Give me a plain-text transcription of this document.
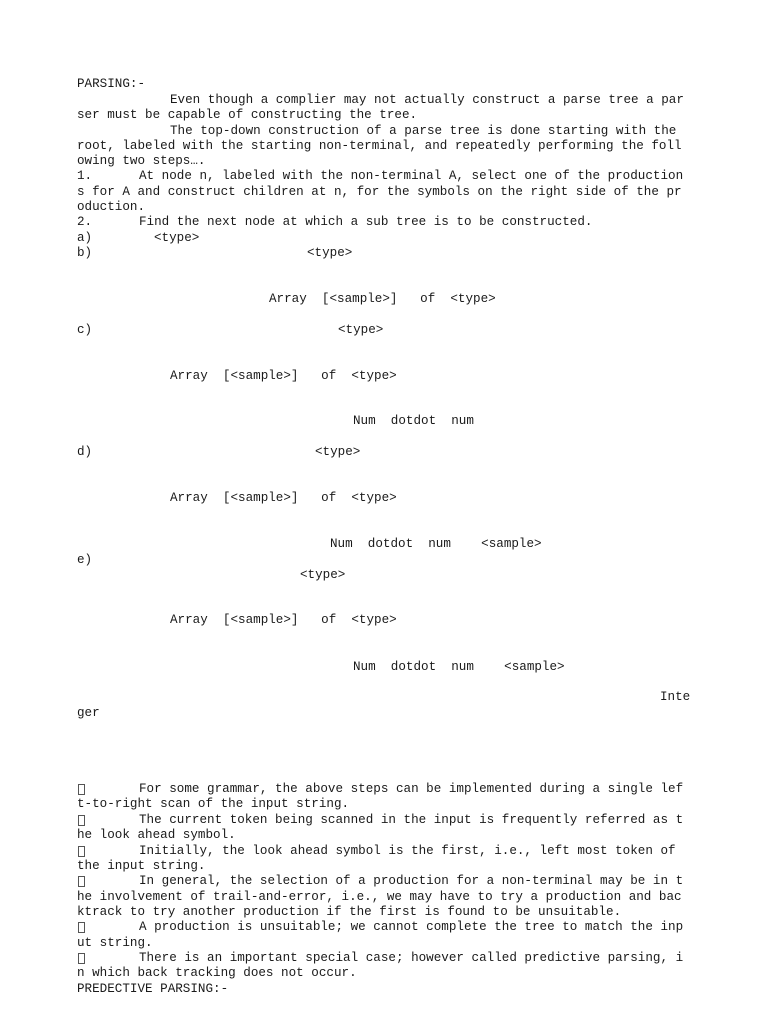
PARSING:-
Even though a complier may not actually construct a parse tree a par
ser must be capable of constructing the tree.
The top-down construction of a parse tree is done starting with the
root, labeled with the starting non-terminal, and repeatedly performing the foll
owing two steps….
1.	At node n, labeled with the non-terminal A, select one of the production
s for A and construct children at n, for the symbols on the right side of the pr
oduction.
2.	Find the next node at which a sub tree is to be constructed.
a)	<type>
b)	<type>
Array  [<sample>]   of  <type>
c)	<type>
Array  [<sample>]   of  <type>
Num  dotdot  num
d)	<type>
Array  [<sample>]   of  <type>
Num  dotdot  num    <sample>
e)
<type>
Array  [<sample>]   of  <type>
Num  dotdot  num    <sample>
Inte
ger
For some grammar, the above steps can be implemented during a single lef
t-to-right scan of the input string.
The current token being scanned in the input is frequently referred as t
he look ahead symbol.
Initially, the look ahead symbol is the first, i.e., left most token of
the input string.
In general, the selection of a production for a non-terminal may be in t
he involvement of trail-and-error, i.e., we may have to try a production and bac
ktrack to try another production if the first is found to be unsuitable.
A production is unsuitable; we cannot complete the tree to match the inp
ut string.
There is an important special case; however called predictive parsing, i
n which back tracking does not occur.
PREDECTIVE PARSING:-
